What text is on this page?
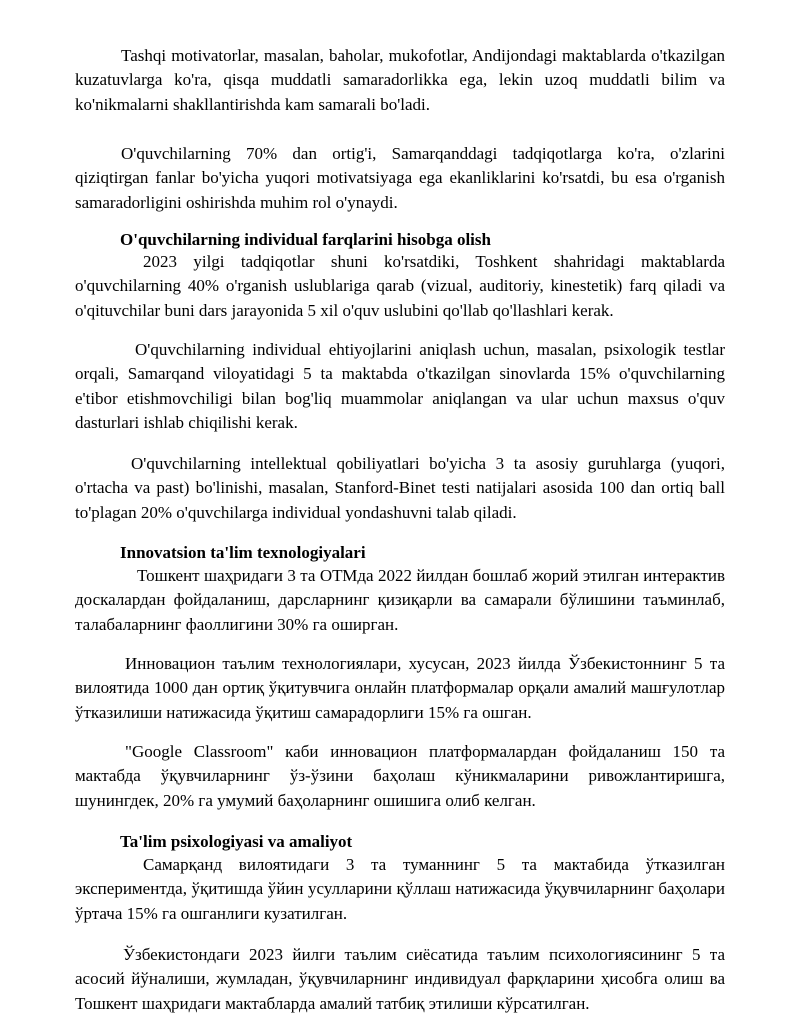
Tashqi motivatorlar, masalan, baholar, mukofotlar, Andijondagi maktablarda o'tkazilgan kuzatuvlarga ko'ra, qisqa muddatli samaradorlikka ega, lekin uzoq muddatli bilim va ko'nikmalarni shakllantirishda kam samarali bo'ladi.

O'quvchilarning 70% dan ortig'i, Samarqanddagi tadqiqotlarga ko'ra, o'zlarini qiziqtirgan fanlar bo'yicha yuqori motivatsiyaga ega ekanliklarini ko'rsatdi, bu esa o'rganish samaradorligini oshirishda muhim rol o'ynaydi.

O'quvchilarning individual farqlarini hisobga olish

2023 yilgi tadqiqotlar shuni ko'rsatdiki, Toshkent shahridagi maktablarda o'quvchilarning 40% o'rganish uslublariga qarab (vizual, auditoriy, kinestetik) farq qiladi va o'qituvchilar buni dars jarayonida 5 xil o'quv uslubini qo'llab qo'llashlari kerak.

O'quvchilarning individual ehtiyojlarini aniqlash uchun, masalan, psixologik testlar orqali, Samarqand viloyatidagi 5 ta maktabda o'tkazilgan sinovlarda 15% o'quvchilarning e'tibor etishmovchiligi bilan bog'liq muammolar aniqlangan va ular uchun maxsus o'quv dasturlari ishlab chiqilishi kerak.

O'quvchilarning intellektual qobiliyatlari bo'yicha 3 ta asosiy guruhlarga (yuqori, o'rtacha va past) bo'linishi, masalan, Stanford-Binet testi natijalari asosida 100 dan ortiq ball to'plagan 20% o'quvchilarga individual yondashuvni talab qiladi.

Innovatsion ta'lim texnologiyalari

Тошкент шаҳридаги 3 та ОТМда 2022 йилдан бошлаб жорий этилган интерактив доскалардан фойдаланиш, дарсларнинг қизиқарли ва самарали бўлишини таъминлаб, талабаларнинг фаоллигини 30% га оширган.

Инновацион таълим технологиялари, хусусан, 2023 йилда Ўзбекистоннинг 5 та вилоятида 1000 дан ортиқ ўқитувчига онлайн платформалар орқали амалий машғулотлар ўтказилиши натижасида ўқитиш самарадорлиги 15% га ошган.

"Google Classroom" каби инновацион платформалардан фойдаланиш 150 та мактабда ўқувчиларнинг ўз-ўзини баҳолаш кўникмаларини ривожлантиришга, шунингдек, 20% га умумий баҳоларнинг ошишига олиб келган.

Ta'lim psixologiyasi va amaliyot

Самарқанд вилоятидаги 3 та туманнинг 5 та мактабида ўтказилган экспериментда, ўқитишда ўйин усулларини қўллаш натижасида ўқувчиларнинг баҳолари ўртача 15% га ошганлиги кузатилган.

Ўзбекистондаги 2023 йилги таълим сиёсатида таълим психологиясининг 5 та асосий йўналиши, жумладан, ўқувчиларнинг индивидуал фарқларини ҳисобга олиш ва Тошкент шаҳридаги мактабларда амалий татбиқ этилиши кўрсатилган.
